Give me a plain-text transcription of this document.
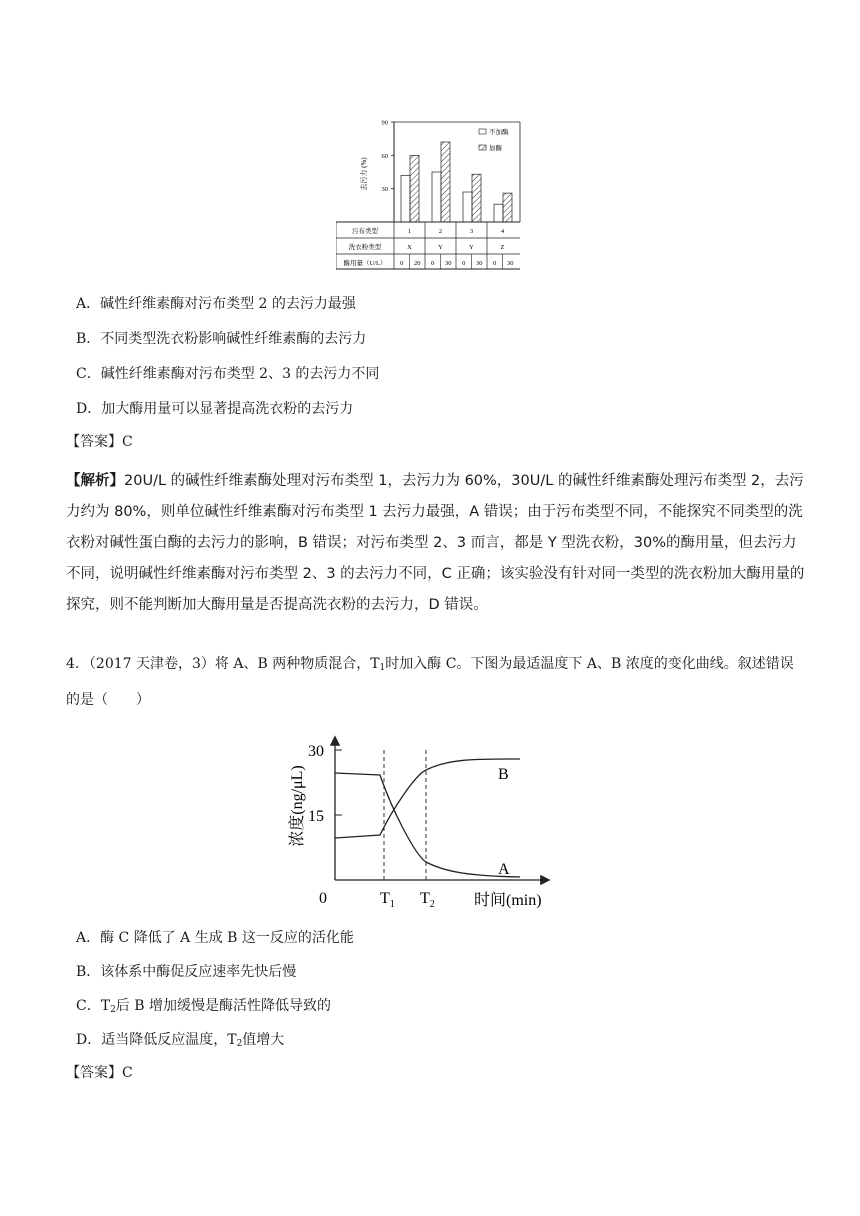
30
60
90
去污力 (%)
不加酶
加酶
污布类型
洗衣粉类型
酶用量（U/L）
1
X
2
Y
3
Y
4
Z
0 20 0 30 0 30 0 30
A．碱性纤维素酶对污布类型 2 的去污力最强
B．不同类型洗衣粉影响碱性纤维素酶的去污力
C．碱性纤维素酶对污布类型 2、3 的去污力不同
D．加大酶用量可以显著提高洗衣粉的去污力
【答案】C
【解析】20U/L 的碱性纤维素酶处理对污布类型 1，去污力为 60%，30U/L 的碱性纤维素酶处理污布类型 2，去污力约为 80%，则单位碱性纤维素酶对污布类型 1 去污力最强，A 错误；由于污布类型不同，不能探究不同类型的洗衣粉对碱性蛋白酶的去污力的影响，B 错误；对污布类型 2、3 而言，都是 Y 型洗衣粉，30%的酶用量，但去污力不同，说明碱性纤维素酶对污布类型 2、3 的去污力不同，C 正确；该实验没有针对同一类型的洗衣粉加大酶用量的探究，则不能判断加大酶用量是否提高洗衣粉的去污力，D 错误。
4．（2017 天津卷，3）将 A、B 两种物质混合，$T_1$时加入酶 C。下图为最适温度下 A、B 浓度的变化曲线。叙述错误的是（　　）
30
15
0	$T_1$ $T_2$ 时间(min)
浓度(ng/μL)	B
A
A．酶 C 降低了 A 生成 B 这一反应的活化能
B．该体系中酶促反应速率先快后慢
C．$T_2$后 B 增加缓慢是酶活性降低导致的
D．适当降低反应温度，$T_2$值增大
【答案】C
